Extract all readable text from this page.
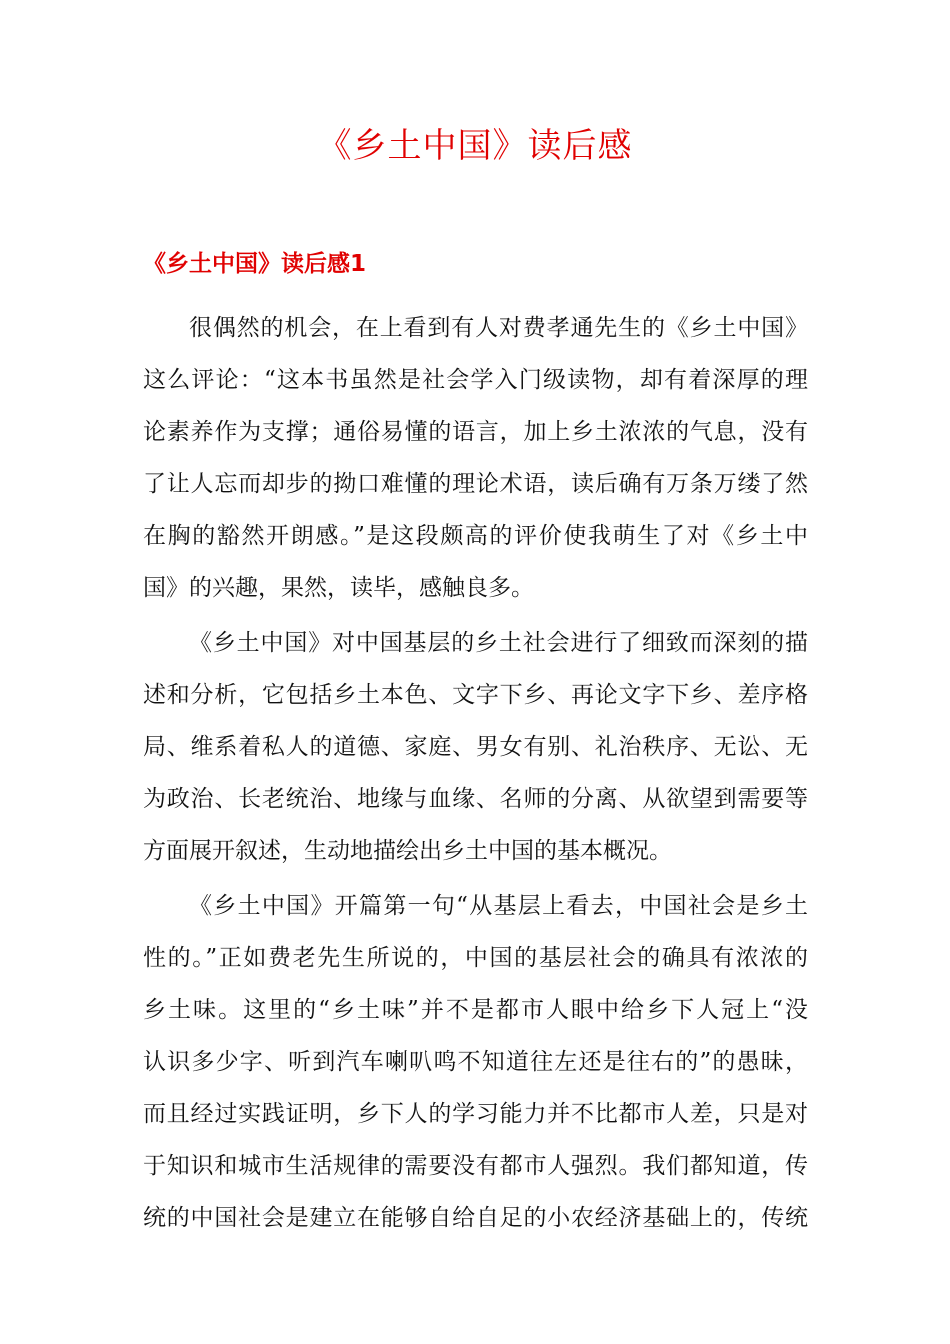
《乡土中国》读后感
《乡土中国》读后感1

很偶然的机会，在上看到有人对费孝通先生的《乡土中国》
这么评论：“这本书虽然是社会学入门级读物，却有着深厚的理
论素养作为支撑；通俗易懂的语言，加上乡土浓浓的气息，没有
了让人忘而却步的拗口难懂的理论术语，读后确有万条万缕了然
在胸的豁然开朗感。”是这段颇高的评价使我萌生了对《乡土中
国》的兴趣，果然，读毕，感触良多。

《乡土中国》对中国基层的乡土社会进行了细致而深刻的描
述和分析，它包括乡土本色、文字下乡、再论文字下乡、差序格
局、维系着私人的道德、家庭、男女有别、礼治秩序、无讼、无
为政治、长老统治、地缘与血缘、名师的分离、从欲望到需要等
方面展开叙述，生动地描绘出乡土中国的基本概况。

《乡土中国》开篇第一句“从基层上看去，中国社会是乡土
性的。”正如费老先生所说的，中国的基层社会的确具有浓浓的
乡土味。这里的“乡土味”并不是都市人眼中给乡下人冠上“没
认识多少字、听到汽车喇叭鸣不知道往左还是往右的”的愚昧，
而且经过实践证明，乡下人的学习能力并不比都市人差，只是对
于知识和城市生活规律的需要没有都市人强烈。我们都知道，传
统的中国社会是建立在能够自给自足的小农经济基础上的，传统
